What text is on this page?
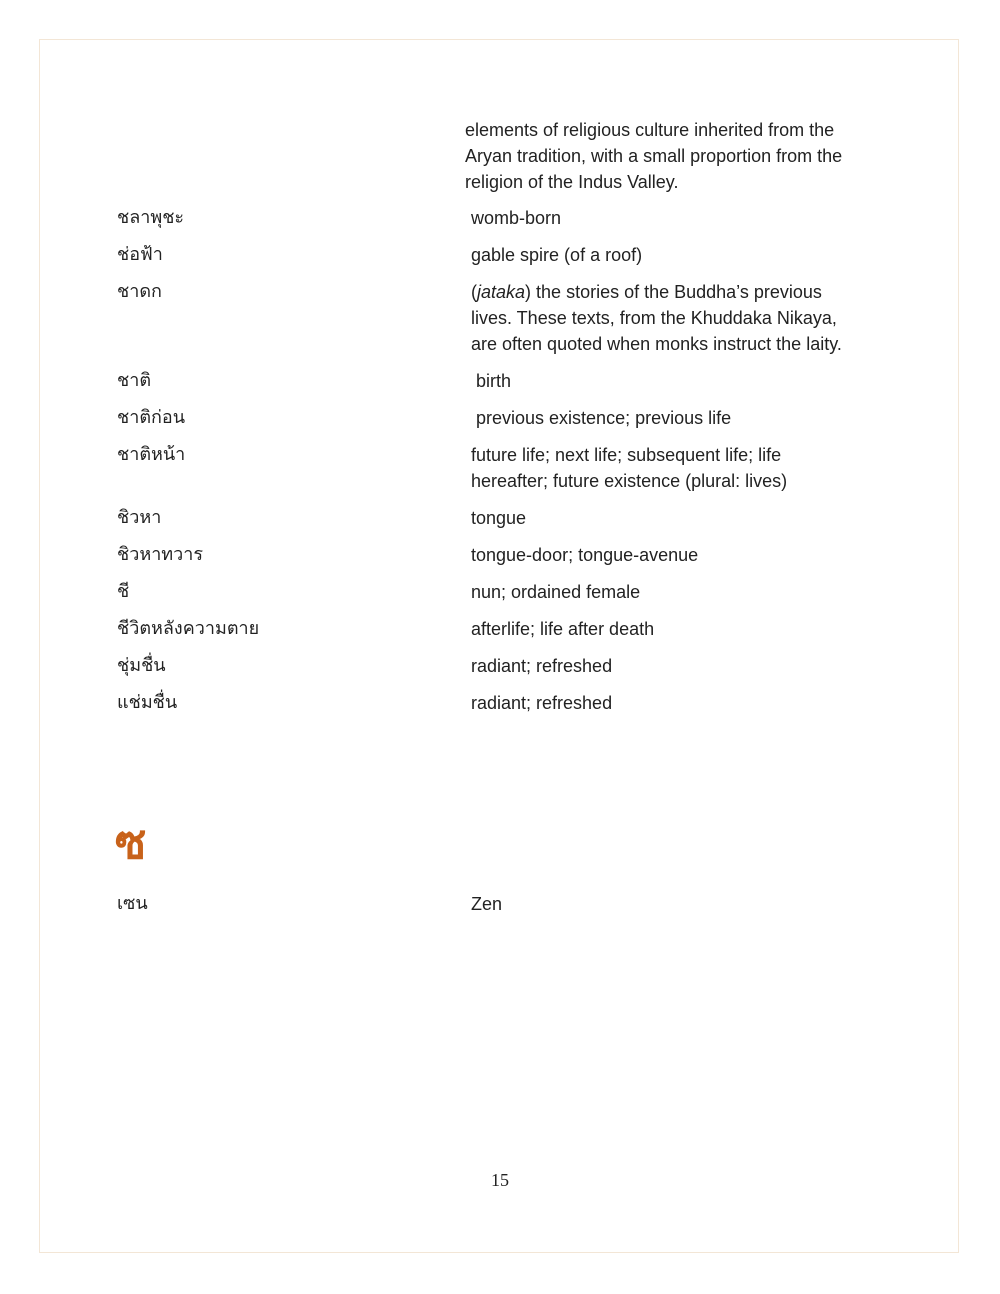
elements of religious culture inherited from the
Aryan tradition, with a small proportion from the
religion of the Indus Valley.
ชลาพุชะ	womb-born
ช่อฟ้า	gable spire (of a roof)
ชาดก	(jataka) the stories of the Buddha’s previous
lives. These texts, from the Khuddaka Nikaya,
are often quoted when monks instruct the laity.
ชาติ	birth
ชาติก่อน	previous existence; previous life
ชาติหน้า	future life; next life; subsequent life; life
hereafter; future existence (plural: lives)
ชิวหา	tongue
ชิวหาทวาร	tongue-door; tongue-avenue
ชี	nun; ordained female
ชีวิตหลังความตาย	afterlife; life after death
ชุ่มชื่น	radiant; refreshed
แช่มชื่น	radiant; refreshed
ซ
เซน	Zen
15
